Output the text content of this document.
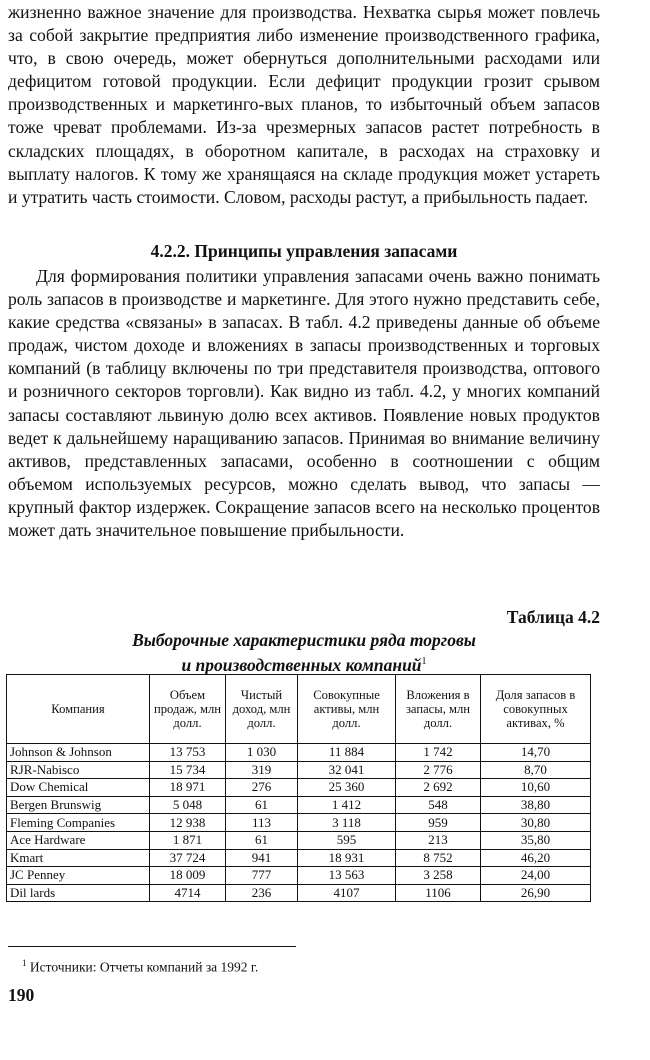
жизненно важное значение для производства. Нехватка сырья может повлечь за собой закрытие предприятия либо изменение производственного графика, что, в свою очередь, может обернуться дополнительными расходами или дефицитом готовой продукции. Если дефицит продукции грозит срывом производственных и маркетинго-вых планов, то избыточный объем запасов тоже чреват проблемами. Из-за чрезмерных запасов растет потребность в складских площадях, в оборотном капитале, в расходах на страховку и выплату налогов. К тому же хранящаяся на складе продукция может устареть и утратить часть стоимости. Словом, расходы растут, а прибыльность падает.

4.2.2. Принципы управления запасами

Для формирования политики управления запасами очень важно понимать роль запасов в производстве и маркетинге. Для этого нужно представить себе, какие средства «связаны» в запасах. В табл. 4.2 приведены данные об объеме продаж, чистом доходе и вложениях в запасы производственных и торговых компаний (в таблицу включены по три представителя производства, оптового и розничного секторов торговли). Как видно из табл. 4.2, у многих компаний запасы составляют львиную долю всех активов. Появление новых продуктов ведет к дальнейшему наращиванию запасов. Принимая во внимание величину активов, представленных запасами, особенно в соотношении с общим объемом используемых ресурсов, можно сделать вывод, что запасы — крупный фактор издержек. Сокращение запасов всего на несколько процентов может дать значительное повышение прибыльности.

Таблица 4.2

Выборочные характеристики ряда торговы
и производственных компаний$^1$

Компания	Объем продаж, млн долл.	Чистый доход, млн долл.	Совокупные активы, млн долл.	Вложения в запасы, млн долл.	Доля запасов в совокупных активах, %
Johnson & Johnson	13 753	1 030	11 884	1 742	14,70
RJR-Nabisco	15 734	319	32 041	2 776	8,70
Dow Chemical	18 971	276	25 360	2 692	10,60
Bergen Brunswig	5 048	61	1 412	548	38,80
Fleming Companies	12 938	113	3 118	959	30,80
Ace Hardware	1 871	61	595	213	35,80
Kmart	37 724	941	18 931	8 752	46,20
JC Penney	18 009	777	13 563	3 258	24,00
Dil lards	4714	236	4107	1106	26,90

$^1$ Источники: Отчеты компаний за 1992 г.

190
